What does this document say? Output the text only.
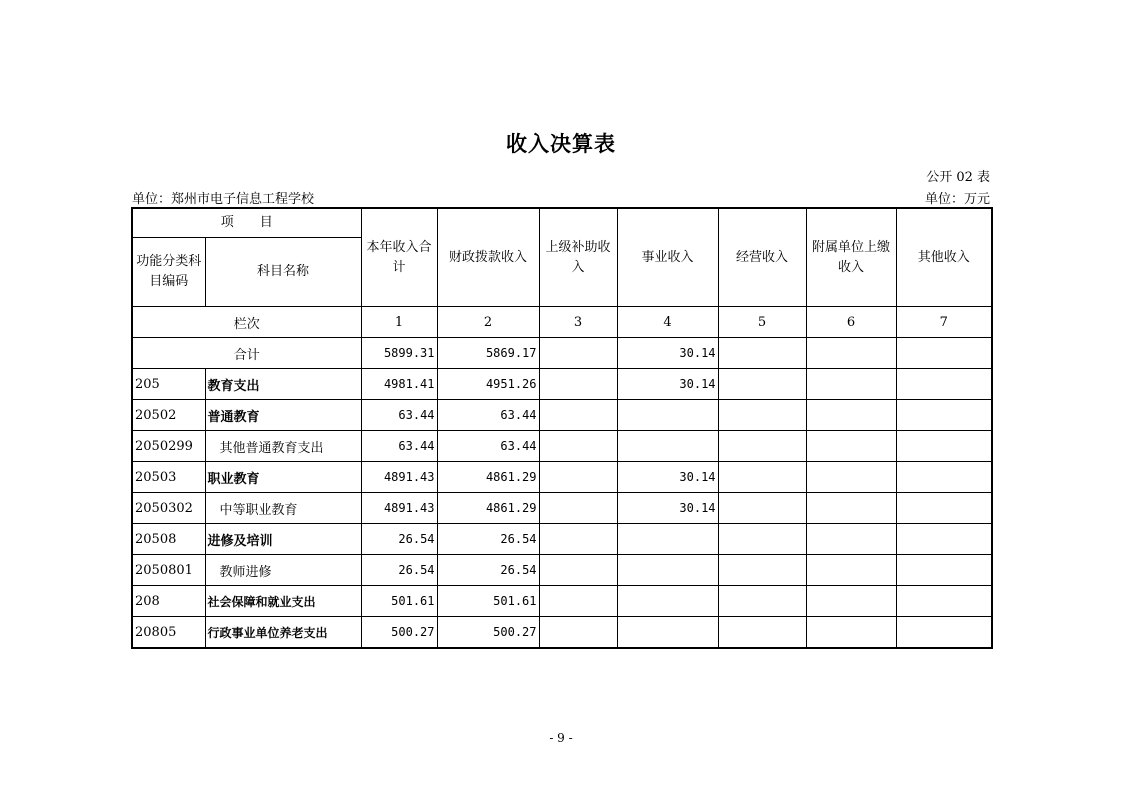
收入决算表
公开 02 表
单位：郑州市电子信息工程学校	单位：万元
项　　目		本年收入合计	财政拨款收入	上级补助收入	事业收入	经营收入	附属单位上缴收入	其他收入
功能分类科目编码	科目名称							
栏次		1	2	3	4	5	6	7
合计		5899.31	5869.17		30.14			
205	教育支出	4981.41	4951.26		30.14			
20502	普通教育	63.44	63.44					
2050299	其他普通教育支出	63.44	63.44					
20503	职业教育	4891.43	4861.29		30.14			
2050302	中等职业教育	4891.43	4861.29		30.14			
20508	进修及培训	26.54	26.54					
2050801	教师进修	26.54	26.54					
208	社会保障和就业支出	501.61	501.61					
20805	行政事业单位养老支出	500.27	500.27					
- 9 -
